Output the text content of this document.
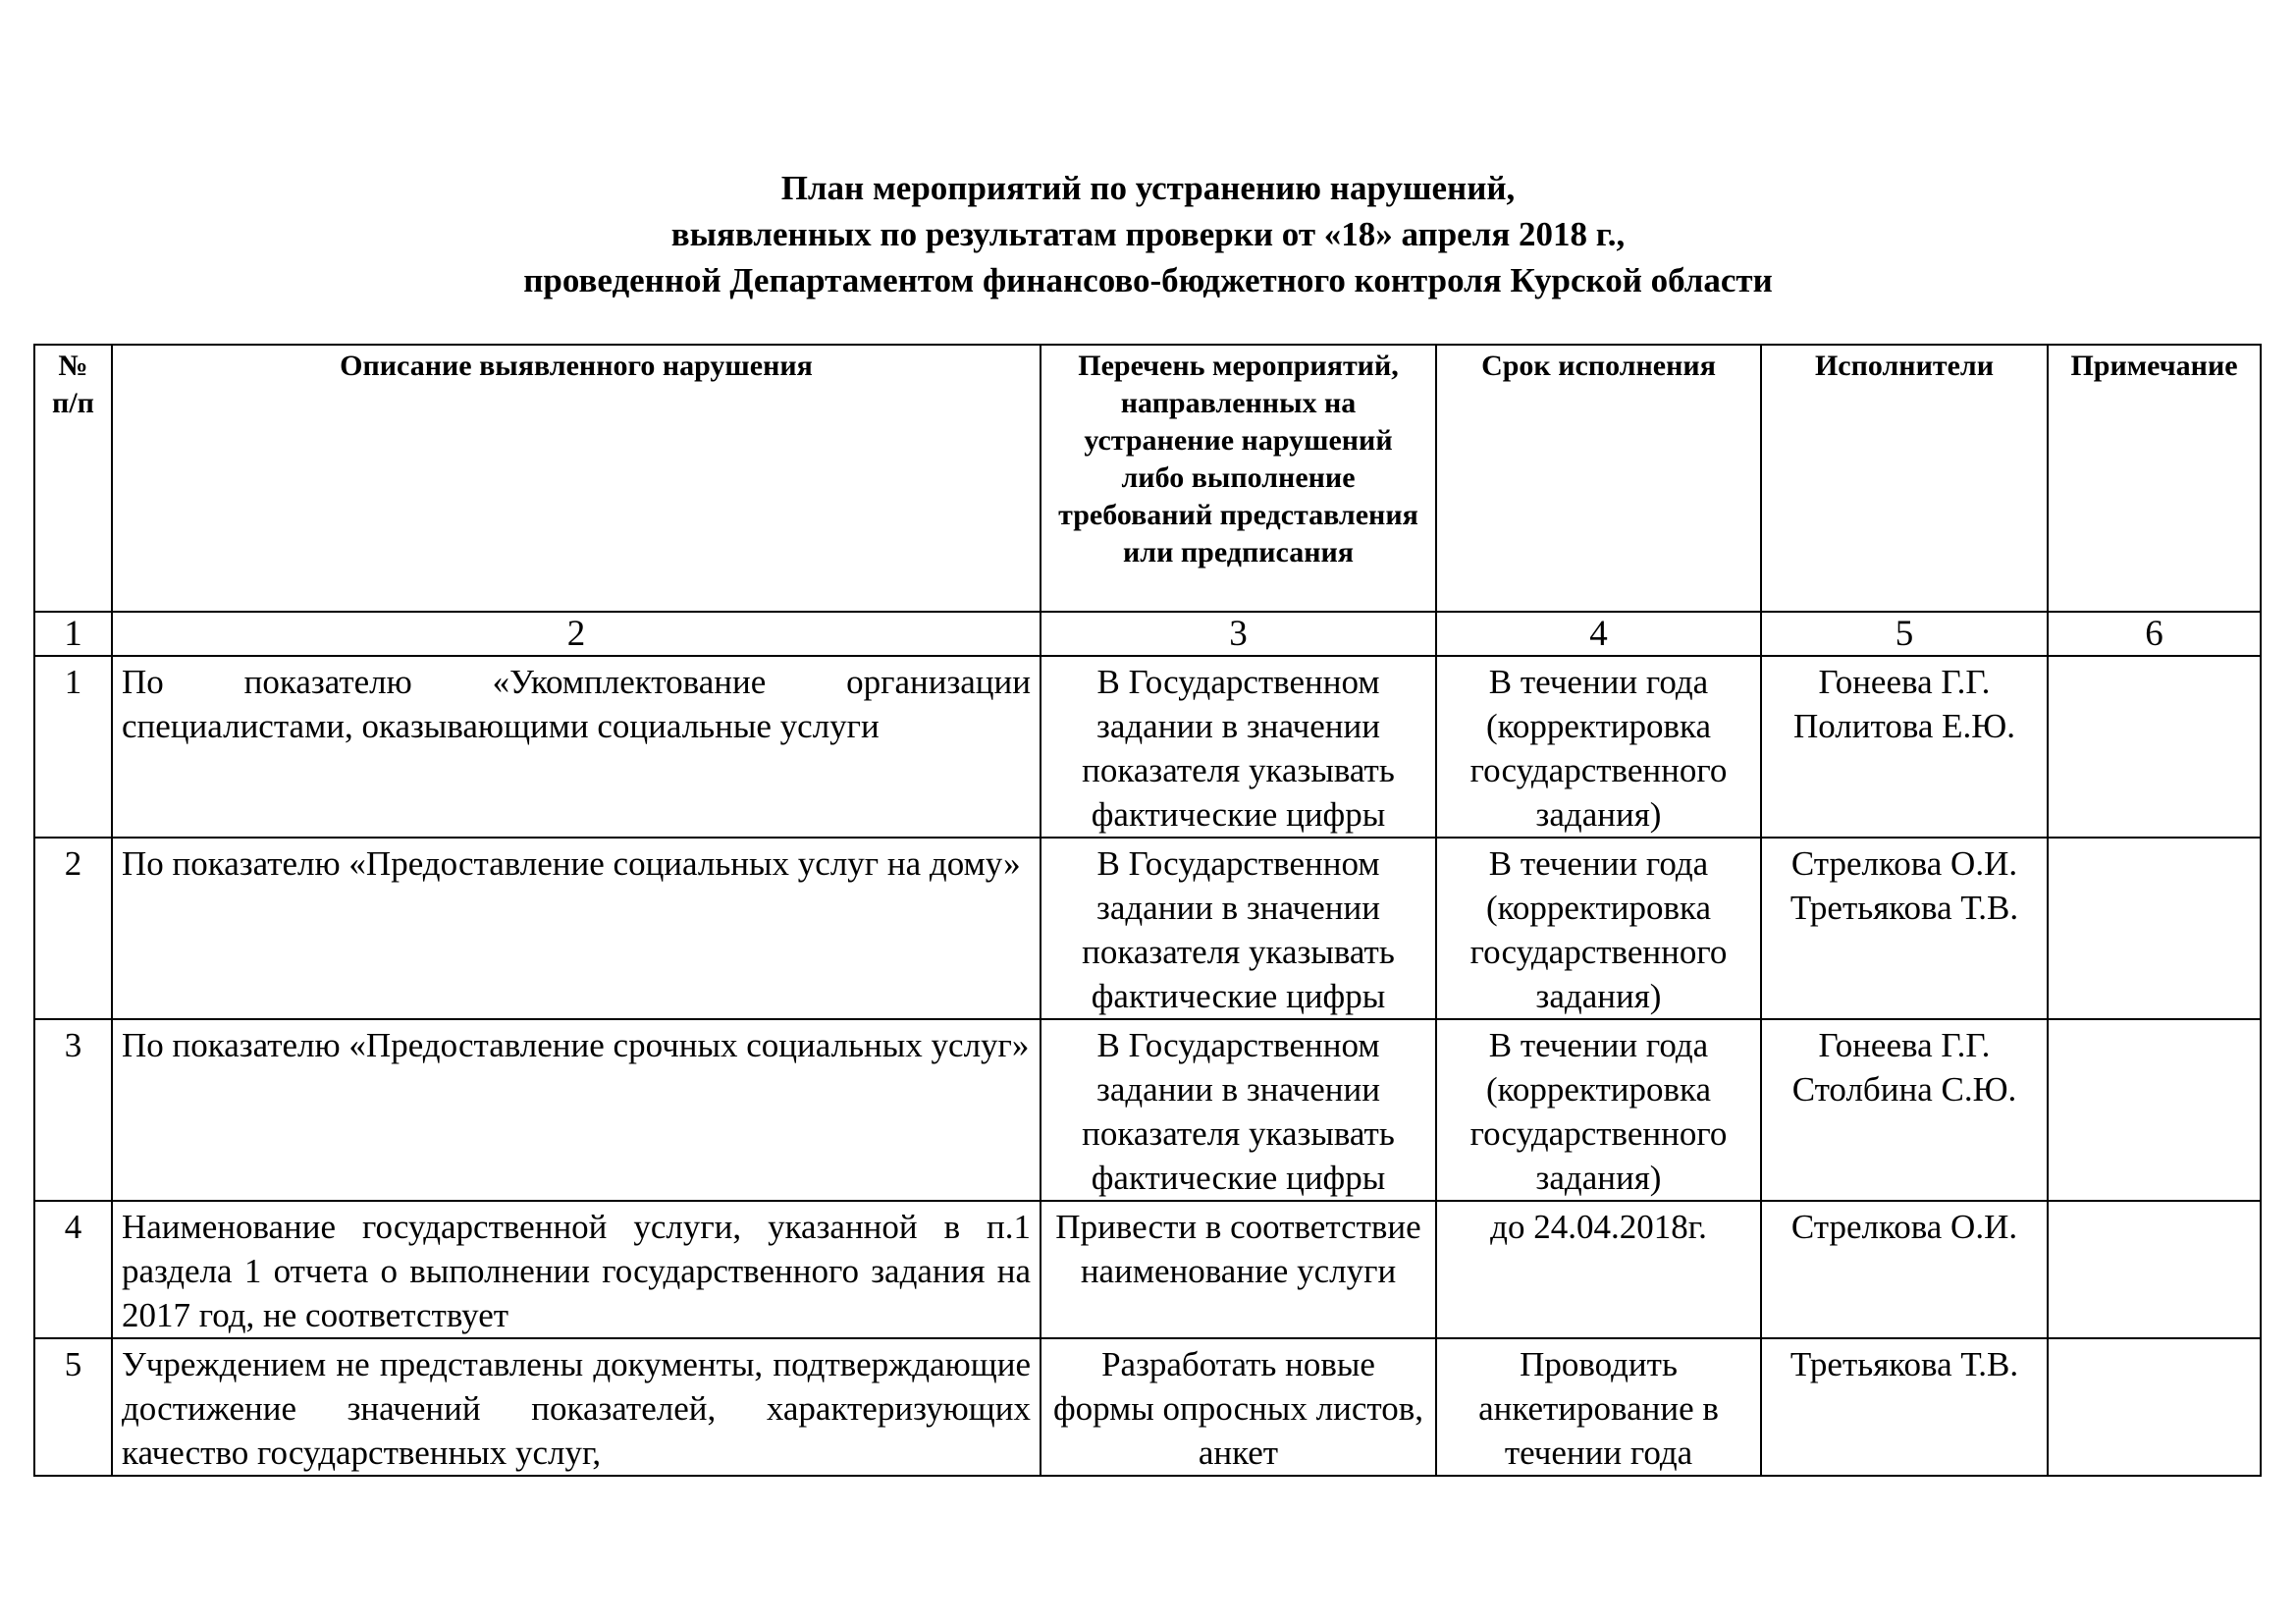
План мероприятий по устранению нарушений,
выявленных по результатам проверки от «18» апреля 2018 г.,
проведенной Департаментом финансово-бюджетного контроля Курской области
№
п/п	Описание выявленного нарушения	Перечень мероприятий, направленных на устранение нарушений либо выполнение требований представления или предписания	Срок исполнения	Исполнители	Примечание
1	2	3	4	5	6
1	По показателю «Укомплектование организации специалистами, оказывающими социальные услуги	В Государственном задании в значении показателя указывать фактические цифры	В течении года (корректировка государственного задания)	Гонеева Г.Г.
Политова Е.Ю.	

2	По показателю «Предоставление социальных услуг на дому»	В Государственном задании в значении показателя указывать фактические цифры	В течении года (корректировка государственного задания)	Стрелкова О.И.
Третьякова Т.В.	

3	По показателю «Предоставление срочных социальных услуг»	В Государственном задании в значении показателя указывать фактические цифры	В течении года (корректировка государственного задания)	Гонеева Г.Г.
Столбина С.Ю.	

4	Наименование государственной услуги, указанной в п.1 раздела 1 отчета о выполнении государственного задания на 2017 год, не соответствует	Привести в соответствие наименование услуги	до 24.04.2018г.	Стрелкова О.И.	

5	Учреждением не представлены документы, подтверждающие достижение значений показателей, характеризующих качество государственных услуг,	Разработать новые формы опросных листов, анкет	Проводить анкетирование в течении года	Третьякова Т.В.	
